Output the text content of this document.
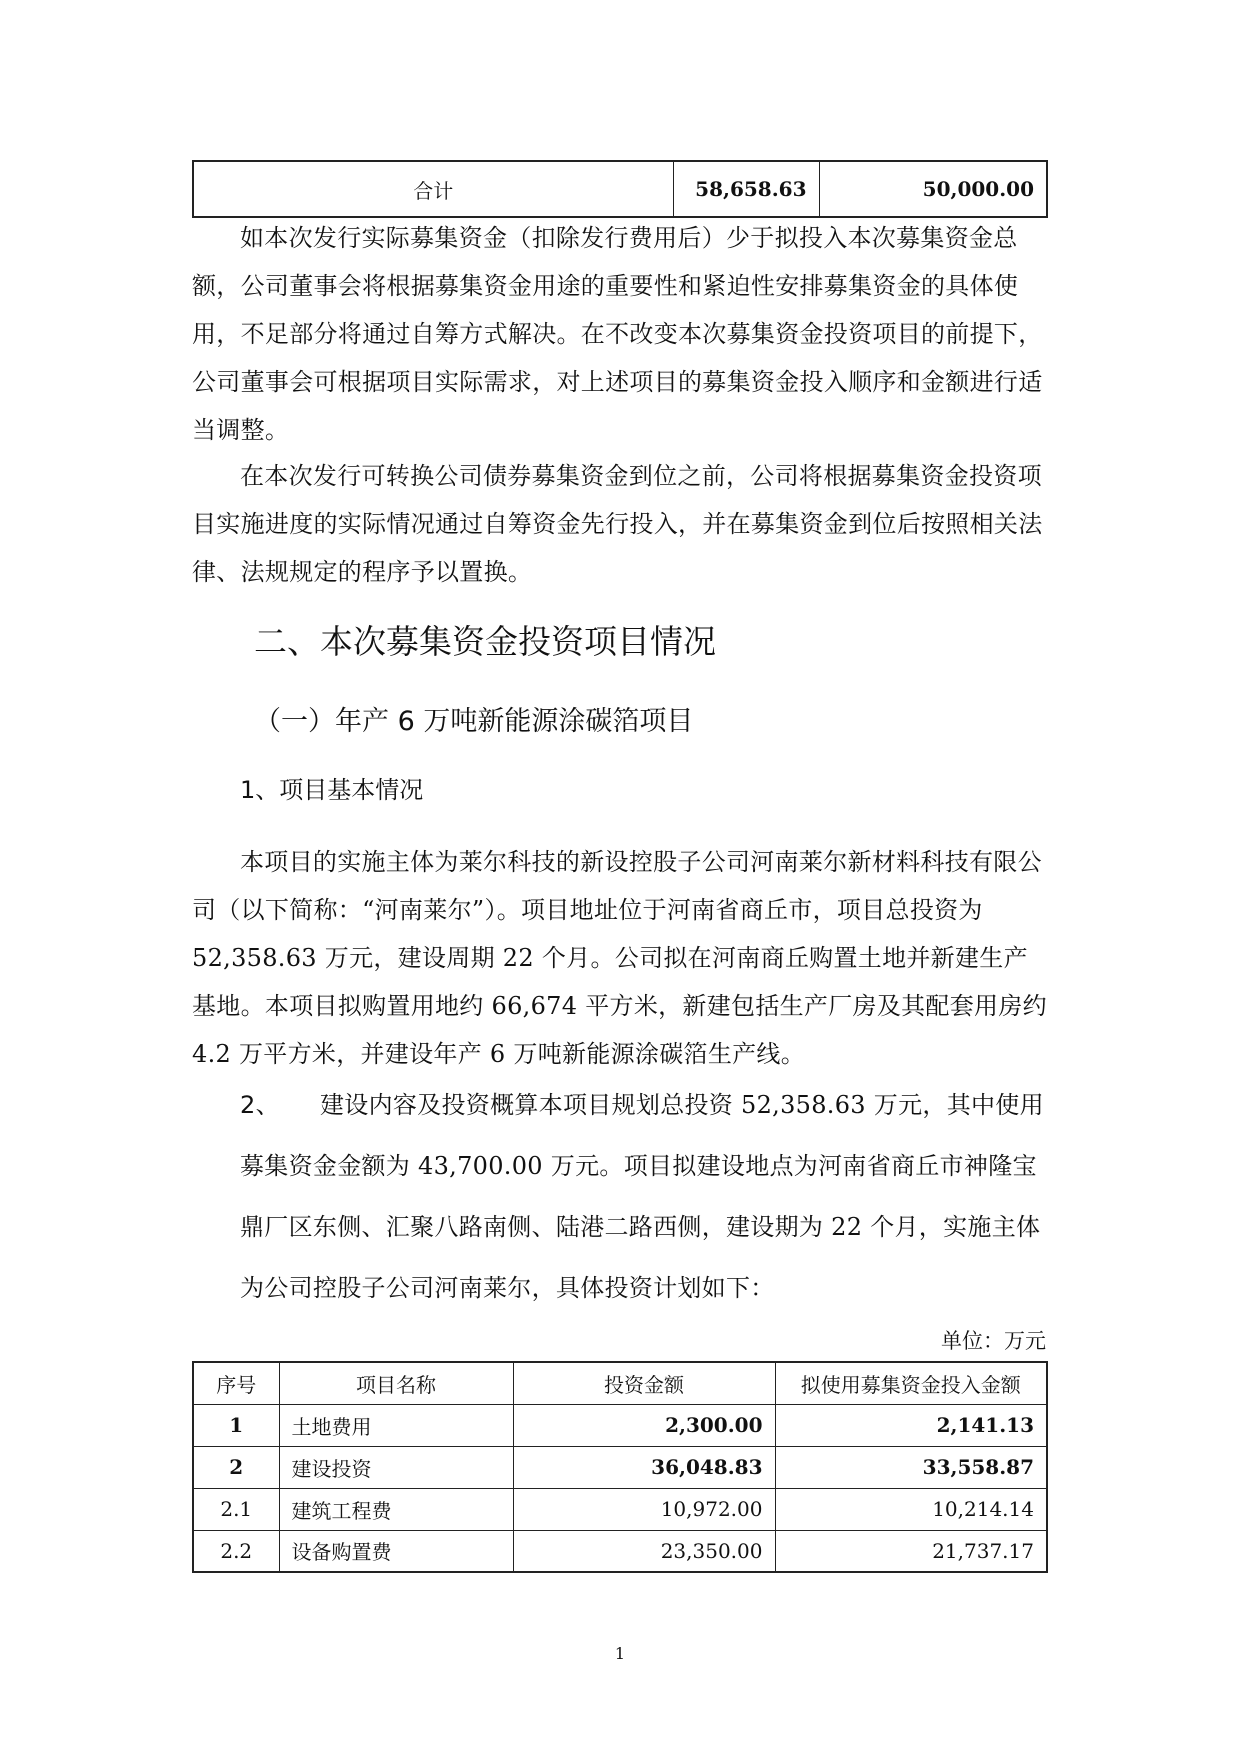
合计	58,658.63	50,000.00

如本次发行实际募集资金（扣除发行费用后）少于拟投入本次募集资金总额，公司董事会将根据募集资金用途的重要性和紧迫性安排募集资金的具体使用，不足部分将通过自筹方式解决。在不改变本次募集资金投资项目的前提下，公司董事会可根据项目实际需求，对上述项目的募集资金投入顺序和金额进行适当调整。

在本次发行可转换公司债券募集资金到位之前，公司将根据募集资金投资项目实施进度的实际情况通过自筹资金先行投入，并在募集资金到位后按照相关法律、法规规定的程序予以置换。

二、本次募集资金投资项目情况
（一）年产 6 万吨新能源涂碳箔项目
1、项目基本情况

本项目的实施主体为莱尔科技的新设控股子公司河南莱尔新材料科技有限公司（以下简称：“河南莱尔”）。项目地址位于河南省商丘市，项目总投资为 52,358.63 万元，建设周期 22 个月。公司拟在河南商丘购置土地并新建生产基地。本项目拟购置用地约 66,674 平方米，新建包括生产厂房及其配套用房约 4.2 万平方米，并建设年产 6 万吨新能源涂碳箔生产线。

2、 建设内容及投资概算本项目规划总投资 52,358.63 万元，其中使用募集资金金额为 43,700.00 万元。项目拟建设地点为河南省商丘市神隆宝鼎厂区东侧、汇聚八路南侧、陆港二路西侧，建设期为 22 个月，实施主体为公司控股子公司河南莱尔，具体投资计划如下：

单位：万元
序号	项目名称	投资金额	拟使用募集资金投入金额
1	土地费用	2,300.00	2,141.13
2	建设投资	36,048.83	33,558.87
2.1	建筑工程费	10,972.00	10,214.14
2.2	设备购置费	23,350.00	21,737.17
1
